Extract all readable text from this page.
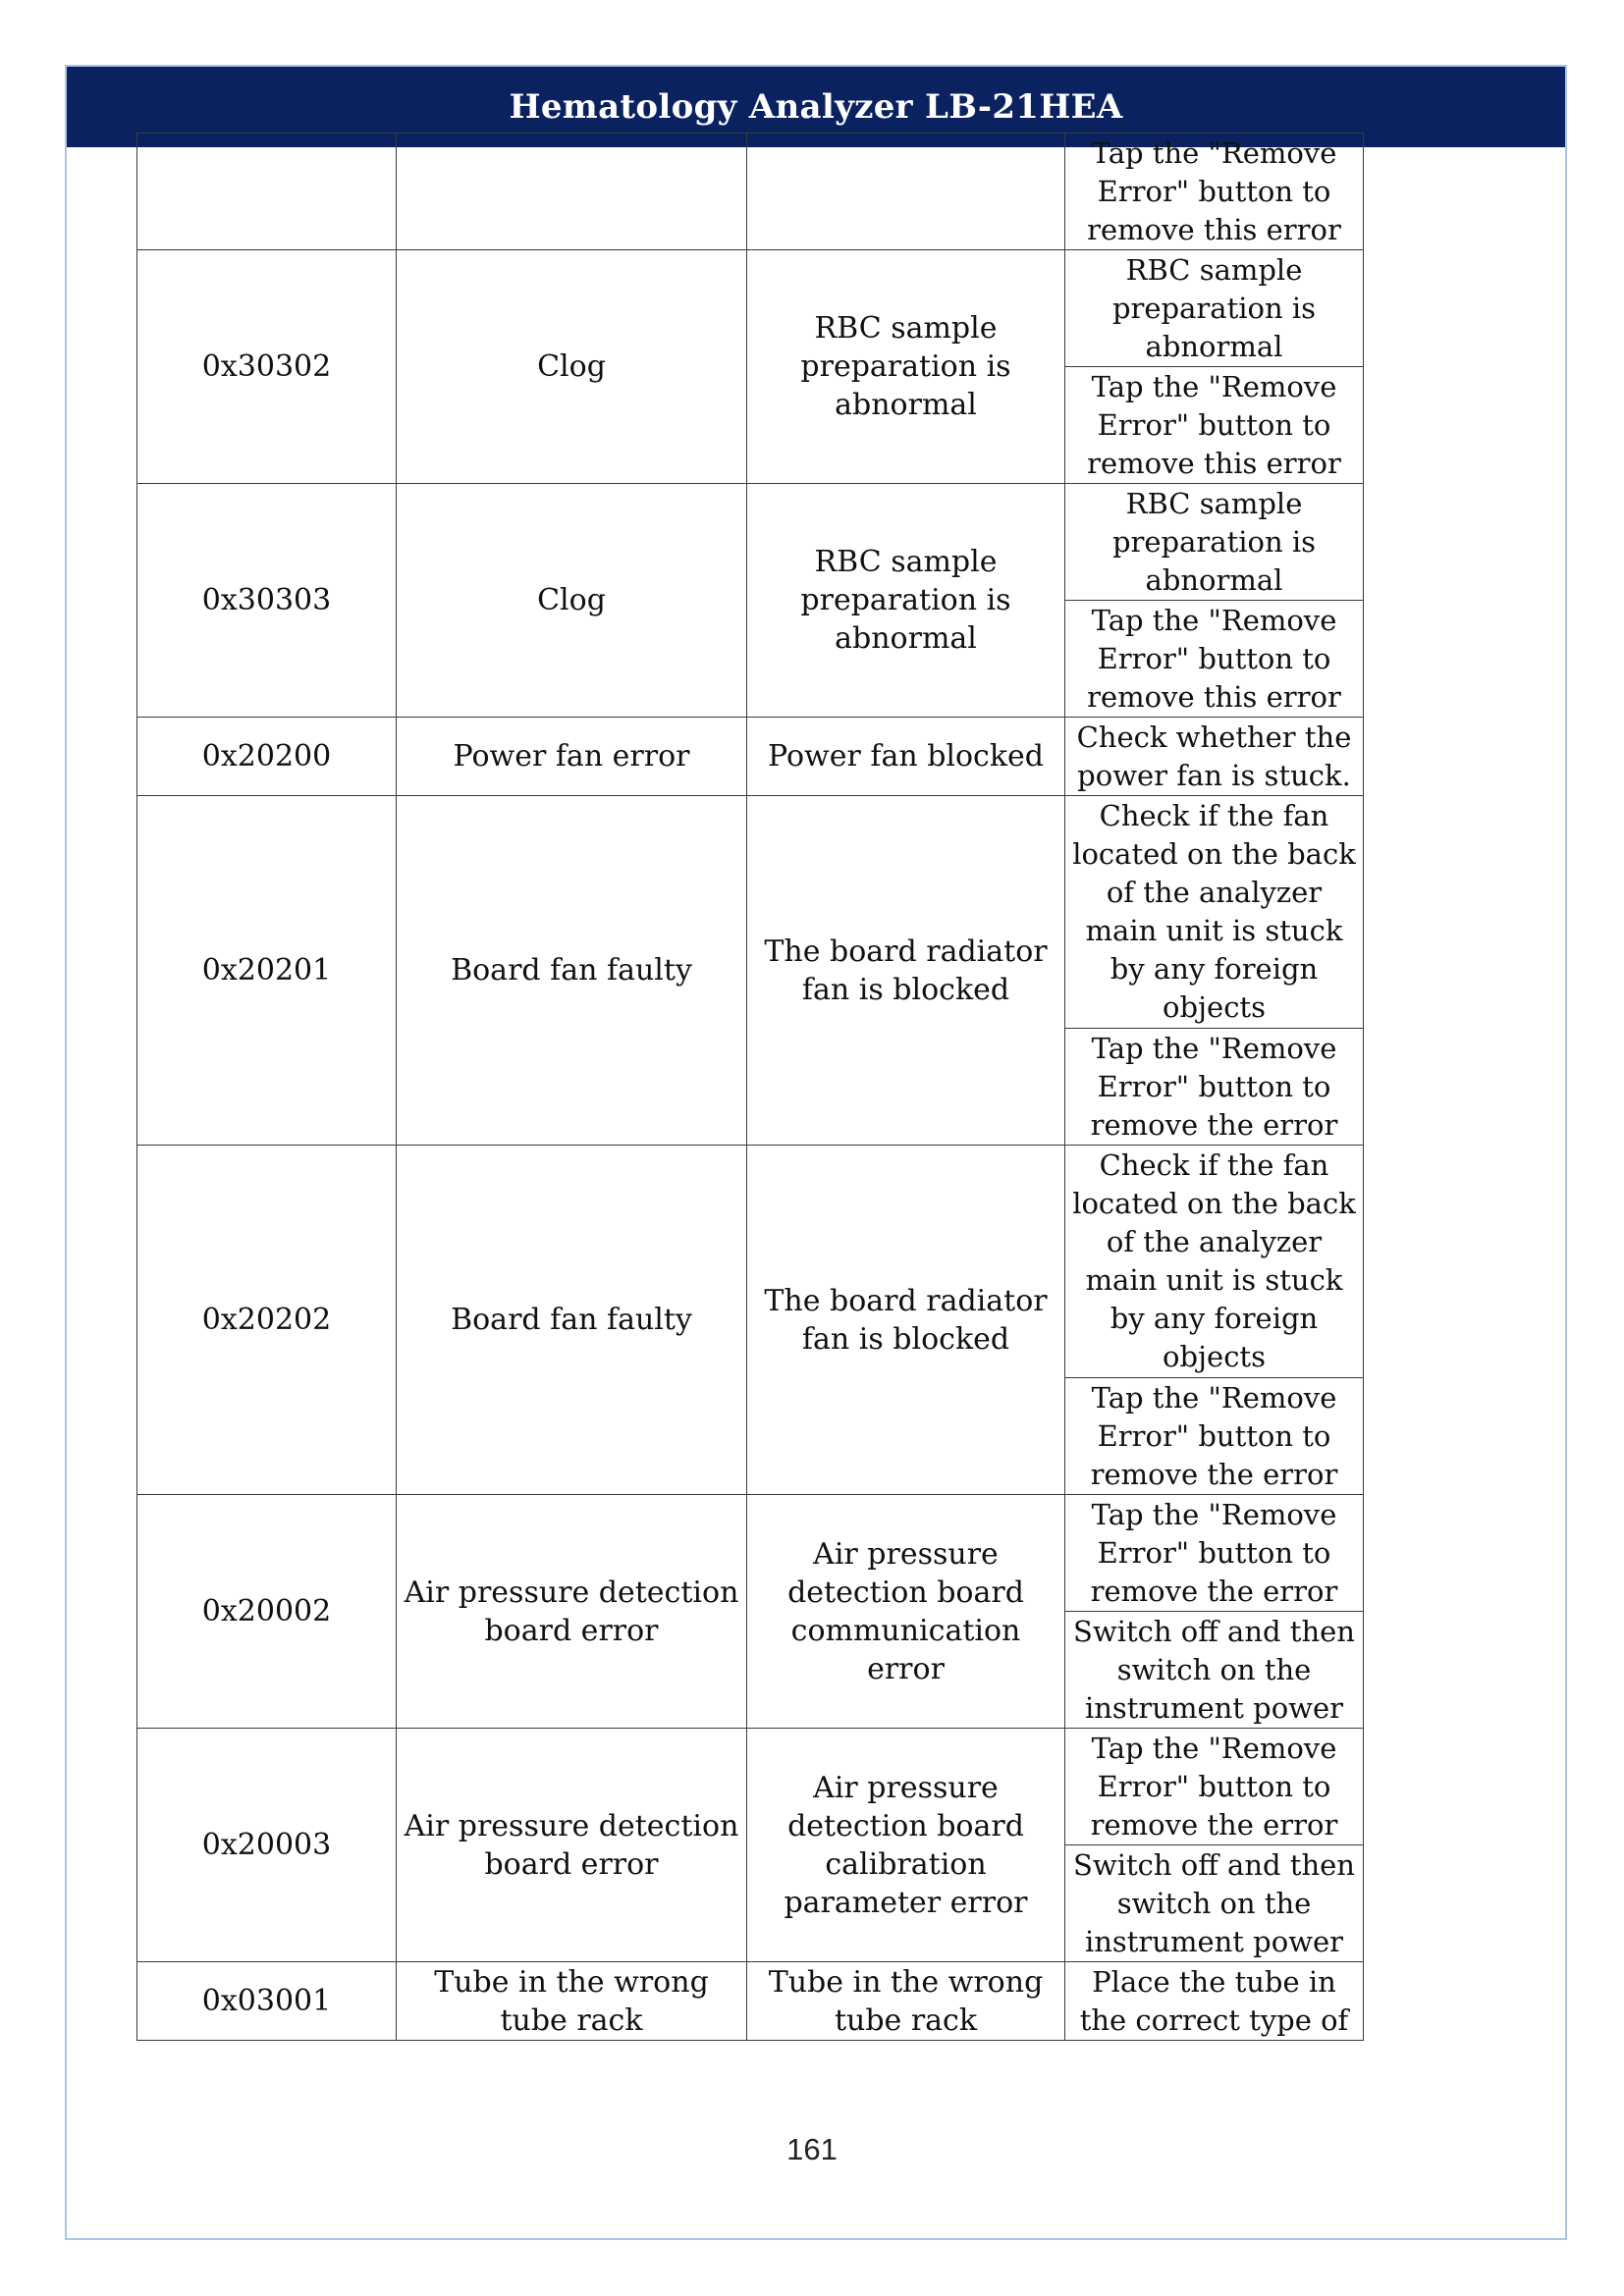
Hematology Analyzer LB-21HEA
			Tap the "Remove Error" button to remove this error
0x30302	Clog	RBC sample preparation is abnormal	RBC sample preparation is abnormal
			Tap the "Remove Error" button to remove this error
0x30303	Clog	RBC sample preparation is abnormal	RBC sample preparation is abnormal
			Tap the "Remove Error" button to remove this error
0x20200	Power fan error	Power fan blocked	Check whether the power fan is stuck.
0x20201	Board fan faulty	The board radiator fan is blocked	Check if the fan located on the back of the analyzer main unit is stuck by any foreign objects
			Tap the "Remove Error" button to remove the error
0x20202	Board fan faulty	The board radiator fan is blocked	Check if the fan located on the back of the analyzer main unit is stuck by any foreign objects
			Tap the "Remove Error" button to remove the error
0x20002	Air pressure detection board error	Air pressure detection board communication error	Tap the "Remove Error" button to remove the error
			Switch off and then switch on the instrument power
0x20003	Air pressure detection board error	Air pressure detection board calibration parameter error	Tap the "Remove Error" button to remove the error
			Switch off and then switch on the instrument power
0x03001	Tube in the wrong tube rack	Tube in the wrong tube rack	Place the tube in the correct type of
161
